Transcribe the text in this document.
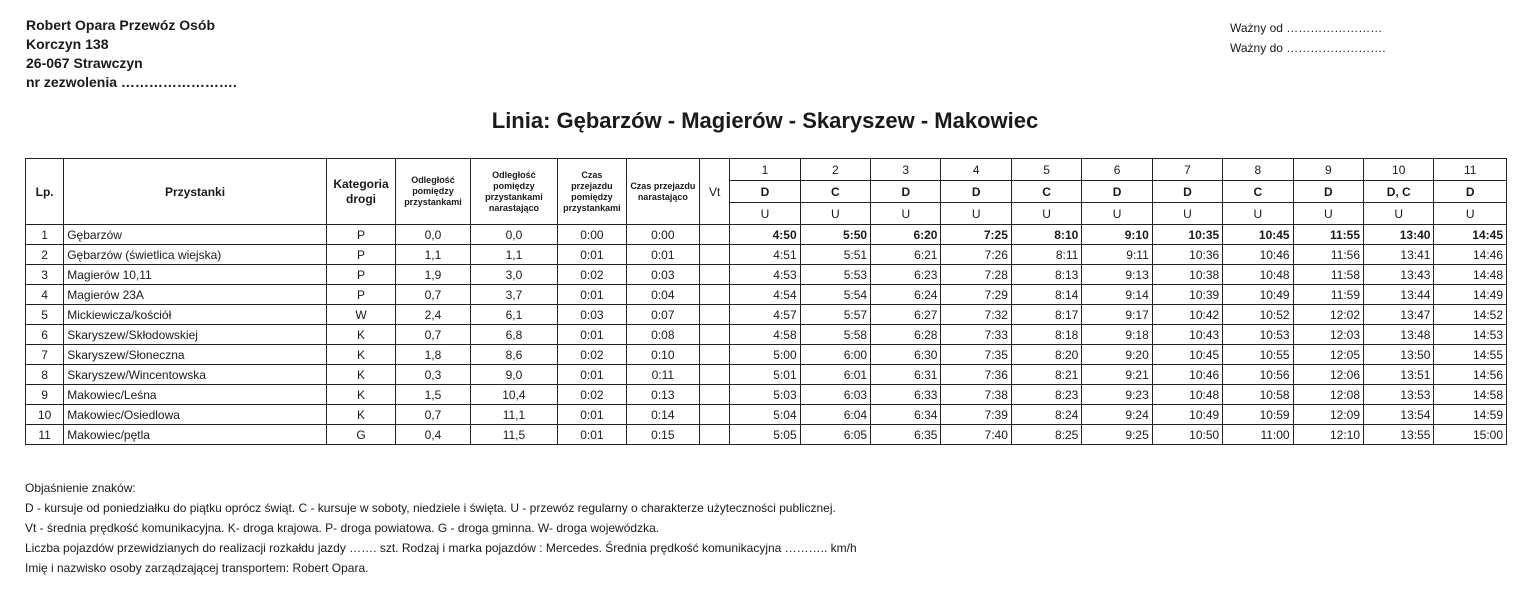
Robert Opara Przewóz Osób
Korczyn 138
26-067 Strawczyn
nr zezwolenia …………………….
Ważny od ……………………
Ważny do …………………….
Linia: Gębarzów - Magierów - Skaryszew - Makowiec
Lp.	Przystanki	Kategoria drogi	Odległość pomiędzy przystankami	Odległość pomiędzy przystankami narastająco	Czas przejazdu pomiędzy przystankami	Czas przejazdu narastająco	Vt	1	2	3	4	5	6	7	8	9	10	11
								D	C	D	D	C	D	D	C	D	D, C	D
								U	U	U	U	U	U	U	U	U	U	U
1	Gębarzów	P	0,0	0,0	0:00	0:00		4:50	5:50	6:20	7:25	8:10	9:10	10:35	10:45	11:55	13:40	14:45
2	Gębarzów (świetlica wiejska)	P	1,1	1,1	0:01	0:01		4:51	5:51	6:21	7:26	8:11	9:11	10:36	10:46	11:56	13:41	14:46
3	Magierów 10,11	P	1,9	3,0	0:02	0:03		4:53	5:53	6:23	7:28	8:13	9:13	10:38	10:48	11:58	13:43	14:48
4	Magierów 23A	P	0,7	3,7	0:01	0:04		4:54	5:54	6:24	7:29	8:14	9:14	10:39	10:49	11:59	13:44	14:49
5	Mickiewicza/kościół	W	2,4	6,1	0:03	0:07		4:57	5:57	6:27	7:32	8:17	9:17	10:42	10:52	12:02	13:47	14:52
6	Skaryszew/Skłodowskiej	K	0,7	6,8	0:01	0:08		4:58	5:58	6:28	7:33	8:18	9:18	10:43	10:53	12:03	13:48	14:53
7	Skaryszew/Słoneczna	K	1,8	8,6	0:02	0:10		5:00	6:00	6:30	7:35	8:20	9:20	10:45	10:55	12:05	13:50	14:55
8	Skaryszew/Wincentowska	K	0,3	9,0	0:01	0:11		5:01	6:01	6:31	7:36	8:21	9:21	10:46	10:56	12:06	13:51	14:56
9	Makowiec/Leśna	K	1,5	10,4	0:02	0:13		5:03	6:03	6:33	7:38	8:23	9:23	10:48	10:58	12:08	13:53	14:58
10	Makowiec/Osiedlowa	K	0,7	11,1	0:01	0:14		5:04	6:04	6:34	7:39	8:24	9:24	10:49	10:59	12:09	13:54	14:59
11	Makowiec/pętla	G	0,4	11,5	0:01	0:15		5:05	6:05	6:35	7:40	8:25	9:25	10:50	11:00	12:10	13:55	15:00
Objaśnienie znaków:
D - kursuje od poniedziałku do piątku oprócz świąt. C - kursuje w soboty, niedziele i święta. U - przewóz regularny o charakterze użyteczności publicznej.
Vt - średnia prędkość komunikacyjna. K- droga krajowa. P- droga powiatowa. G - droga gminna. W- droga wojewódzka.
Liczba pojazdów przewidzianych do realizacji rozkałdu jazdy ……. szt. Rodzaj i marka pojazdów : Mercedes. Średnia prędkość komunikacyjna ……….. km/h
Imię i nazwisko osoby zarządzającej transportem: Robert Opara.
